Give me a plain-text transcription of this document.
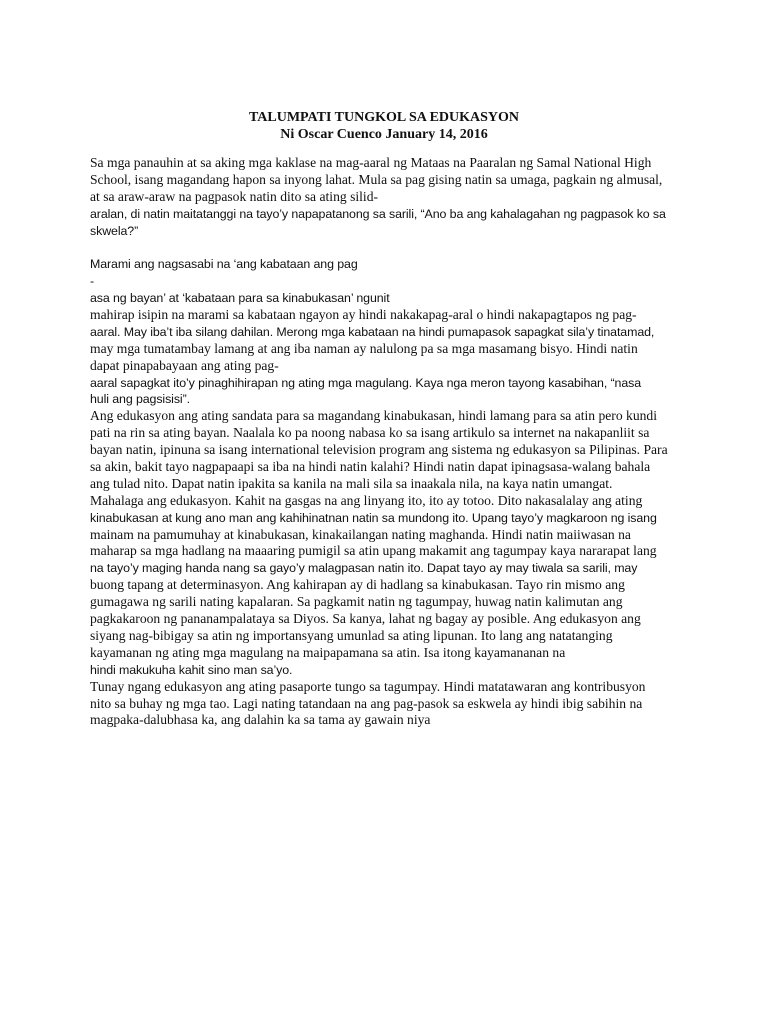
TALUMPATI TUNGKOL SA EDUKASYON
Ni Oscar Cuenco January 14, 2016
Sa mga panauhin at sa aking mga kaklase na mag-aaral ng Mataas na Paaralan ng Samal National High
School, isang magandang hapon sa inyong lahat. Mula sa pag gising natin sa umaga, pagkain ng almusal,
at sa araw-araw na pagpasok natin dito sa ating silid-
aralan, di natin maitatanggi na tayo’y napapatanong sa sarili, “Ano ba ang kahalagahan ng pagpasok ko sa
skwela?”
Marami ang nagsasabi na ‘ang kabataan ang pag
-
asa ng bayan’ at ‘kabataan para sa kinabukasan’ ngunit
mahirap isipin na marami sa kabataan ngayon ay hindi nakakapag-aral o hindi nakapagtapos ng pag-
aaral. May iba’t iba silang dahilan. Merong mga kabataan na hindi pumapasok sapagkat sila’y tinatamad,
may mga tumatambay lamang at ang iba naman ay nalulong pa sa mga masamang bisyo. Hindi natin
dapat pinapabayaan ang ating pag-
aaral sapagkat ito’y pinaghihirapan ng ating mga magulang. Kaya nga meron tayong kasabihan, “nasa
huli ang pagsisisi”.
Ang edukasyon ang ating sandata para sa magandang kinabukasan, hindi lamang para sa atin pero kundi
pati na rin sa ating bayan. Naalala ko pa noong nabasa ko sa isang artikulo sa internet na nakapanliit sa
bayan natin, ipinuna sa isang international television program ang sistema ng edukasyon sa Pilipinas. Para
sa akin, bakit tayo nagpapaapi sa iba na hindi natin kalahi? Hindi natin dapat ipinagsasa-walang bahala
ang tulad nito. Dapat natin ipakita sa kanila na mali sila sa inaakala nila, na kaya natin umangat.
Mahalaga ang edukasyon. Kahit na gasgas na ang linyang ito, ito ay totoo. Dito nakasalalay ang ating
kinabukasan at kung ano man ang kahihinatnan natin sa mundong ito. Upang tayo’y magkaroon ng isang
mainam na pamumuhay at kinabukasan, kinakailangan nating maghanda. Hindi natin maiiwasan na
maharap sa mga hadlang na maaaring pumigil sa atin upang makamit ang tagumpay kaya nararapat lang
na tayo’y maging handa nang sa gayo’y malagpasan natin ito. Dapat tayo ay may tiwala sa sarili, may
buong tapang at determinasyon. Ang kahirapan ay di hadlang sa kinabukasan. Tayo rin mismo ang
gumagawa ng sarili nating kapalaran. Sa pagkamit natin ng tagumpay, huwag natin kalimutan ang
pagkakaroon ng pananampalataya sa Diyos. Sa kanya, lahat ng bagay ay posible. Ang edukasyon ang
siyang nag-bibigay sa atin ng importansyang umunlad sa ating lipunan. Ito lang ang natatanging
kayamanan ng ating mga magulang na maipapamana sa atin. Isa itong kayamananan na
hindi makukuha kahit sino man sa’yo.
Tunay ngang edukasyon ang ating pasaporte tungo sa tagumpay. Hindi matatawaran ang kontribusyon
nito sa buhay ng mga tao. Lagi nating tatandaan na ang pag-pasok sa eskwela ay hindi ibig sabihin na
magpaka-dalubhasa ka, ang dalahin ka sa tama ay gawain niya
